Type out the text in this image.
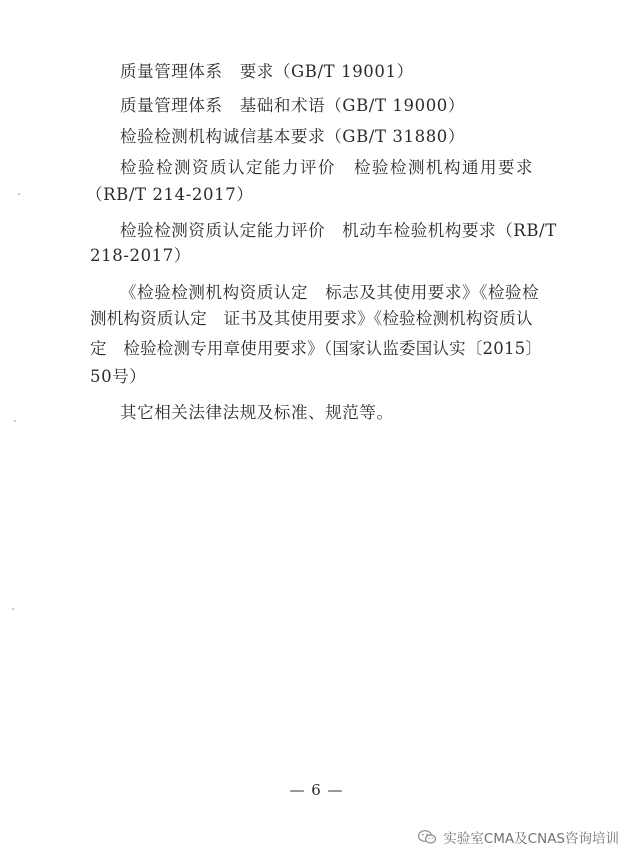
质量管理体系　要求（GB/T 19001）
质量管理体系　基础和术语（GB/T 19000）
检验检测机构诚信基本要求（GB/T 31880）
检验检测资质认定能力评价　检验检测机构通用要求
（RB/T 214-2017）
检验检测资质认定能力评价　机动车检验机构要求（RB/T
218-2017）
《检验检测机构资质认定　标志及其使用要求》《检验检
测机构资质认定　证书及其使用要求》《检验检测机构资质认
定　检验检测专用章使用要求》（国家认监委国认实〔2015〕
50号）
其它相关法律法规及标准、规范等。
— 6 —
实验室CMA及CNAS咨询培训
